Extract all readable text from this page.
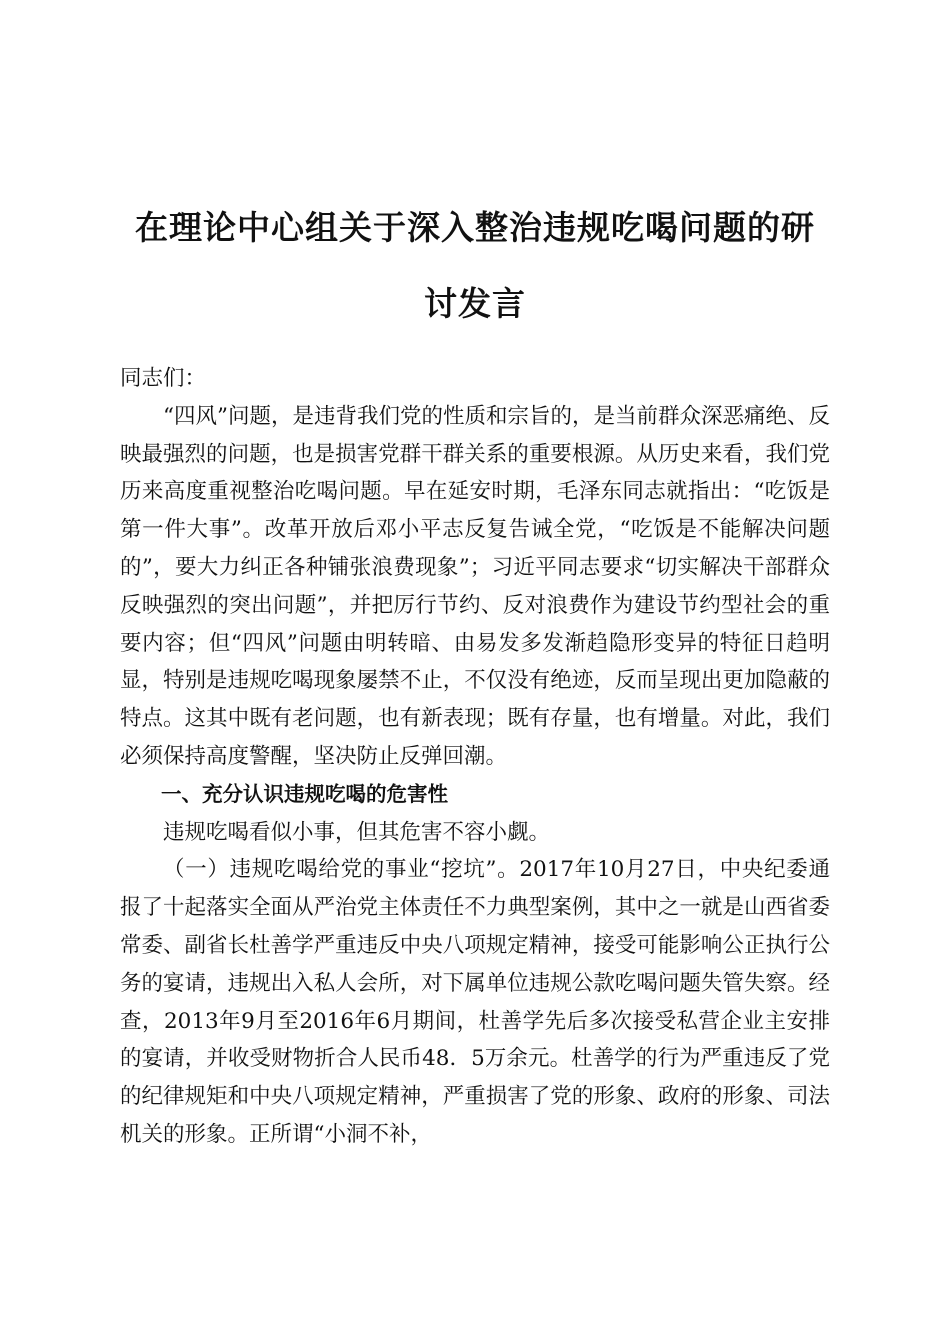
在理论中心组关于深入整治违规吃喝问题的研
讨发言

同志们：

“四风”问题，是违背我们党的性质和宗旨的，是当前群众深恶痛绝、反映最强烈的问题，也是损害党群干群关系的重要根源。从历史来看，我们党历来高度重视整治吃喝问题。早在延安时期，毛泽东同志就指出：“吃饭是第一件大事”。改革开放后邓小平志反复告诫全党，“吃饭是不能解决问题的”，要大力纠正各种铺张浪费现象”；习近平同志要求“切实解决干部群众反映强烈的突出问题”，并把厉行节约、反对浪费作为建设节约型社会的重要内容；但“四风”问题由明转暗、由易发多发渐趋隐形变异的特征日趋明显，特别是违规吃喝现象屡禁不止，不仅没有绝迹，反而呈现出更加隐蔽的特点。这其中既有老问题，也有新表现；既有存量，也有增量。对此，我们必须保持高度警醒，坚决防止反弹回潮。

一、充分认识违规吃喝的危害性

违规吃喝看似小事，但其危害不容小觑。

（一）违规吃喝给党的事业“挖坑”。2017年10月27日，中央纪委通报了十起落实全面从严治党主体责任不力典型案例，其中之一就是山西省委常委、副省长杜善学严重违反中央八项规定精神，接受可能影响公正执行公务的宴请，违规出入私人会所，对下属单位违规公款吃喝问题失管失察。经查，2013年9月至2016年6月期间，杜善学先后多次接受私营企业主安排的宴请，并收受财物折合人民币48．5万余元。杜善学的行为严重违反了党的纪律规矩和中央八项规定精神，严重损害了党的形象、政府的形象、司法机关的形象。正所谓“小洞不补，
